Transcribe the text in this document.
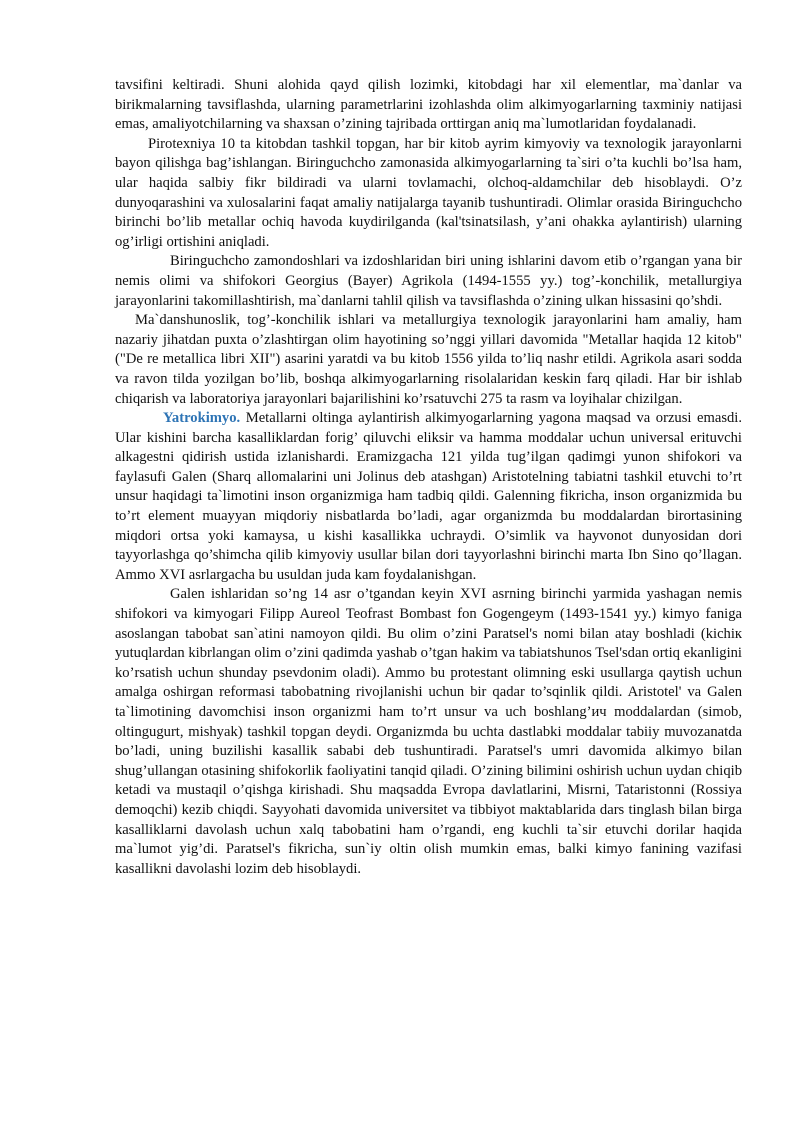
tavsifini keltiradi. Shuni alohida qayd qilish lozimki, kitobdagi har xil elementlar, ma`danlar va birikmalarning tavsiflashda, ularning parametrlarini izohlashda olim alkimyogarlarning taxminiy natijasi emas, amaliyotchilarning va shaxsan o’zining tajribada orttirgan aniq ma`lumotlaridan foydalanadi.

Pirotexniya 10 ta kitobdan tashkil topgan, har bir kitob ayrim kimyoviy va texnologik jarayonlarni bayon qilishga bag’ishlangan. Biringuchcho zamonasida alkimyogarlarning ta`siri o’ta kuchli bo’lsa ham, ular haqida salbiy fikr bildiradi va ularni tovlamachi, olchoq-aldamchilar deb hisoblaydi. O’z dunyoqarashini va xulosalarini faqat amaliy natijalarga tayanib tushuntiradi. Olimlar orasida Biringuchcho birinchi bo’lib metallar ochiq havoda kuydirilganda (kal'tsinatsilash, y’ani ohakka aylantirish) ularning og’irligi ortishini aniqladi.

Biringuchcho zamondoshlari va izdoshlaridan biri uning ishlarini davom etib o’rgangan yana bir nemis olimi va shifokori Georgius (Bayer) Agrikola (1494-1555 yy.) tog’-konchilik, metallurgiya jarayonlarini takomillashtirish, ma`danlarni tahlil qilish va tavsiflashda o’zining ulkan hissasini qo’shdi.

Ma`danshunoslik, tog’-konchilik ishlari va metallurgiya texnologik jarayonlarini ham amaliy, ham nazariy jihatdan puxta o’zlashtirgan olim hayotining so’nggi yillari davomida "Metallar haqida 12 kitob" ("De re metallica libri XII") asarini yaratdi va bu kitob 1556 yilda to’liq nashr etildi. Agrikola asari sodda va ravon tilda yozilgan bo’lib, boshqa alkimyogarlarning risolalaridan keskin farq qiladi. Har bir ishlab chiqarish va laboratoriya jarayonlari bajarilishini ko’rsatuvchi 275 ta rasm va loyihalar chizilgan.

Yatrokimyo. Metallarni oltinga aylantirish alkimyogarlarning yagona maqsad va orzusi emasdi. Ular kishini barcha kasalliklardan forig’ qiluvchi eliksir va hamma moddalar uchun universal erituvchi alkagestni qidirish ustida izlanishardi. Eramizgacha 121 yilda tug’ilgan qadimgi yunon shifokori va faylasufi Galen (Sharq allomalarini uni Jolinus deb atashgan) Aristotelning tabiatni tashkil etuvchi to’rt unsur haqidagi ta`limotini inson organizmiga ham tadbiq qildi. Galenning fikricha, inson organizmida bu to’rt element muayyan miqdoriy nisbatlarda bo’ladi, agar organizmda bu moddalardan birortasining miqdori ortsa yoki kamaysa, u kishi kasallikka uchraydi. O’simlik va hayvonot dunyosidan dori tayyorlashga qo’shimcha qilib kimyoviy usullar bilan dori tayyorlashni birinchi marta Ibn Sino qo’llagan. Ammo XVI asrlargacha bu usuldan juda kam foydalanishgan.

Galen ishlaridan so’ng 14 asr o’tgandan keyin XVI asrning birinchi yarmida yashagan nemis shifokori va kimyogari Filipp Aureol Teofrast Bombast fon Gogengeym (1493-1541 yy.) kimyo faniga asoslangan tabobat san`atini namoyon qildi. Bu olim o’zini Paratsel's nomi bilan atay boshladi (kichiк yutuqlardan kibrlangan olim o’zini qadimda yashab o’tgan hakim va tabiatshunos Tsel'sdan ortiq ekanligini ko’rsatish uchun shunday psevdonim oladi). Ammo bu protestant olimning eski usullarga qaytish uchun amalga oshirgan reformasi tabobatning rivojlanishi uchun bir qadar to’sqinlik qildi. Aristotel' va Galen ta`limotining davomchisi inson organizmi ham to’rt unsur va uch boshlang’ич moddalardan (simob, oltingugurt, mishyak) tashkil topgan deydi. Organizmda bu uchta dastlabki moddalar tabiiy muvozanatda bo’ladi, uning buzilishi kasallik sababi deb tushuntiradi. Paratsel's umri davomida alkimyo bilan shug’ullangan otasining shifokorlik faoliyatini tanqid qiladi. O’zining bilimini oshirish uchun uydan chiqib ketadi va mustaqil o’qishga kirishadi. Shu maqsadda Evropa davlatlarini, Misrni, Tataristonni (Rossiya demoqchi) kezib chiqdi. Sayyohati davomida universitet va tibbiyot maktablarida dars tinglash bilan birga kasalliklarni davolash uchun xalq tabobatini ham o’rgandi, eng kuchli ta`sir etuvchi dorilar haqida ma`lumot yig’di. Paratsel's fikricha, sun`iy oltin olish mumkin emas, balki kimyo fanining vazifasi kasallikni davolashi lozim deb hisoblaydi.
